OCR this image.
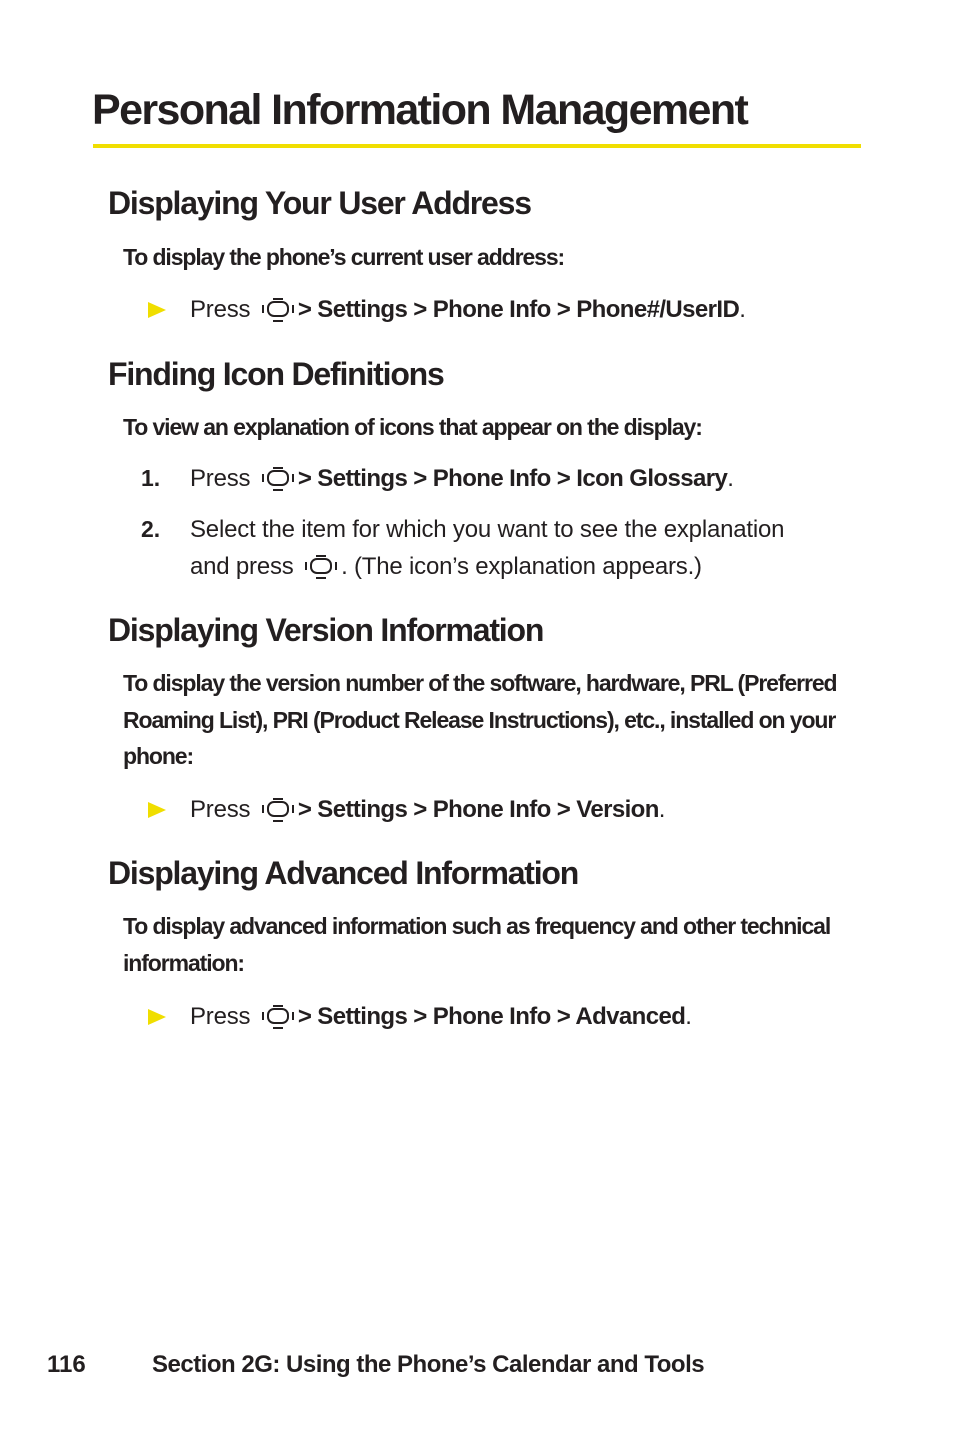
Personal Information Management
Displaying Your User Address
To display the phone’s current user address:
Press > Settings > Phone Info > Phone#/UserID.
Finding Icon Definitions
To view an explanation of icons that appear on the display:
1. Press > Settings > Phone Info > Icon Glossary.
2. Select the item for which you want to see the explanation
and press . (The icon’s explanation appears.)
Displaying Version Information
To display the version number of the software, hardware, PRL (Preferred Roaming List), PRI (Product Release Instructions), etc., installed on your phone:
Press > Settings > Phone Info > Version.
Displaying Advanced Information
To display advanced information such as frequency and other technical information:
Press > Settings > Phone Info > Advanced.
116	Section 2G: Using the Phone’s Calendar and Tools
